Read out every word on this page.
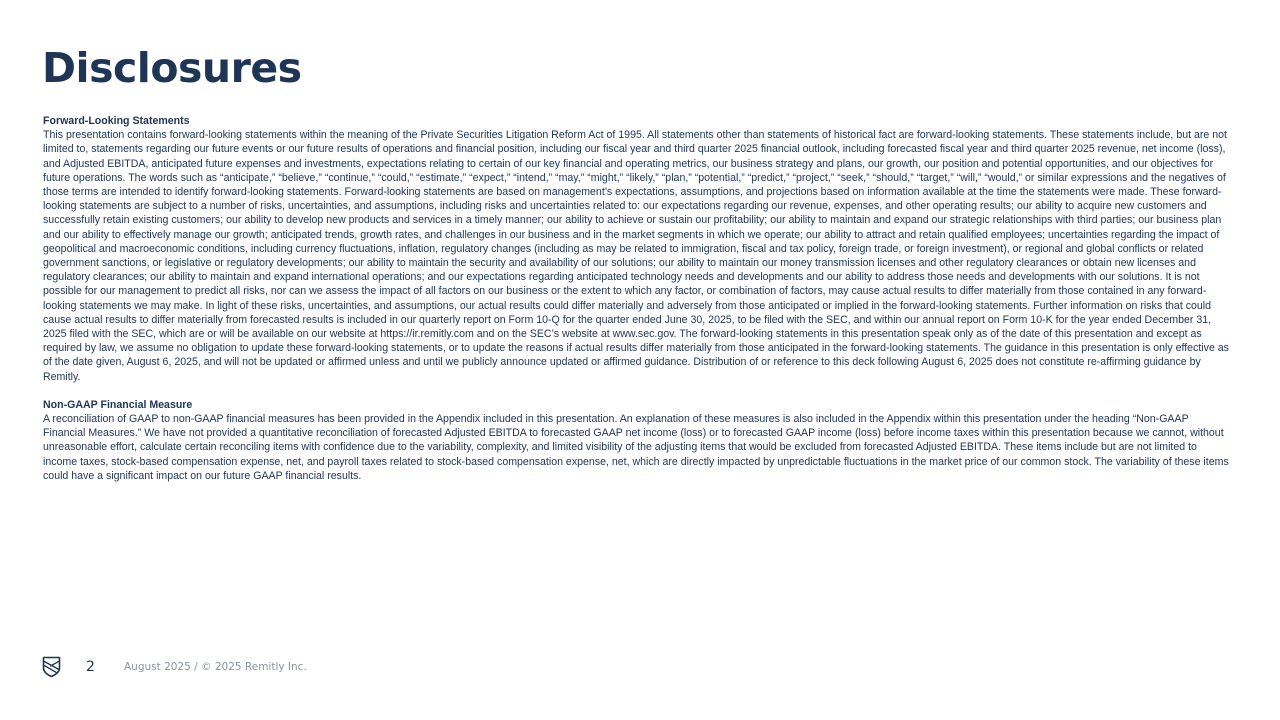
Disclosures

Forward-Looking Statements

This presentation contains forward-looking statements within the meaning of the Private Securities Litigation Reform Act of 1995. All statements other than statements of historical fact are forward-looking statements. These statements include, but are not limited to, statements regarding our future events or our future results of operations and financial position, including our fiscal year and third quarter 2025 financial outlook, including forecasted fiscal year and third quarter 2025 revenue, net income (loss), and Adjusted EBITDA, anticipated future expenses and investments, expectations relating to certain of our key financial and operating metrics, our business strategy and plans, our growth, our position and potential opportunities, and our objectives for future operations. The words such as “anticipate,” “believe,” “continue,” “could,” “estimate,” “expect,” “intend,” “may,” “might,” “likely,” “plan,” “potential,” “predict,” “project,” “seek,” “should,” “target,” “will,” “would,” or similar expressions and the negatives of those terms are intended to identify forward-looking statements. Forward-looking statements are based on management’s expectations, assumptions, and projections based on information available at the time the statements were made. These forward-looking statements are subject to a number of risks, uncertainties, and assumptions, including risks and uncertainties related to: our expectations regarding our revenue, expenses, and other operating results; our ability to acquire new customers and successfully retain existing customers; our ability to develop new products and services in a timely manner; our ability to achieve or sustain our profitability; our ability to maintain and expand our strategic relationships with third parties; our business plan and our ability to effectively manage our growth; anticipated trends, growth rates, and challenges in our business and in the market segments in which we operate; our ability to attract and retain qualified employees; uncertainties regarding the impact of geopolitical and macroeconomic conditions, including currency fluctuations, inflation, regulatory changes (including as may be related to immigration, fiscal and tax policy, foreign trade, or foreign investment), or regional and global conflicts or related government sanctions, or legislative or regulatory developments; our ability to maintain the security and availability of our solutions; our ability to maintain our money transmission licenses and other regulatory clearances or obtain new licenses and regulatory clearances; our ability to maintain and expand international operations; and our expectations regarding anticipated technology needs and developments and our ability to address those needs and developments with our solutions. It is not possible for our management to predict all risks, nor can we assess the impact of all factors on our business or the extent to which any factor, or combination of factors, may cause actual results to differ materially from those contained in any forward-looking statements we may make. In light of these risks, uncertainties, and assumptions, our actual results could differ materially and adversely from those anticipated or implied in the forward-looking statements. Further information on risks that could cause actual results to differ materially from forecasted results is included in our quarterly report on Form 10-Q for the quarter ended June 30, 2025, to be filed with the SEC, and within our annual report on Form 10-K for the year ended December 31, 2025 filed with the SEC, which are or will be available on our website at https://ir.remitly.com and on the SEC’s website at www.sec.gov. The forward-looking statements in this presentation speak only as of the date of this presentation and except as required by law, we assume no obligation to update these forward-looking statements, or to update the reasons if actual results differ materially from those anticipated in the forward-looking statements. The guidance in this presentation is only effective as of the date given, August 6, 2025, and will not be updated or affirmed unless and until we publicly announce updated or affirmed guidance. Distribution of or reference to this deck following August 6, 2025 does not constitute re-affirming guidance by Remitly.

Non-GAAP Financial Measure

A reconciliation of GAAP to non-GAAP financial measures has been provided in the Appendix included in this presentation. An explanation of these measures is also included in the Appendix within this presentation under the heading “Non-GAAP Financial Measures.” We have not provided a quantitative reconciliation of forecasted Adjusted EBITDA to forecasted GAAP net income (loss) or to forecasted GAAP income (loss) before income taxes within this presentation because we cannot, without unreasonable effort, calculate certain reconciling items with confidence due to the variability, complexity, and limited visibility of the adjusting items that would be excluded from forecasted Adjusted EBITDA. These items include but are not limited to income taxes, stock-based compensation expense, net, and payroll taxes related to stock-based compensation expense, net, which are directly impacted by unpredictable fluctuations in the market price of our common stock. The variability of these items could have a significant impact on our future GAAP financial results.

2	August 2025 / © 2025 Remitly Inc.
